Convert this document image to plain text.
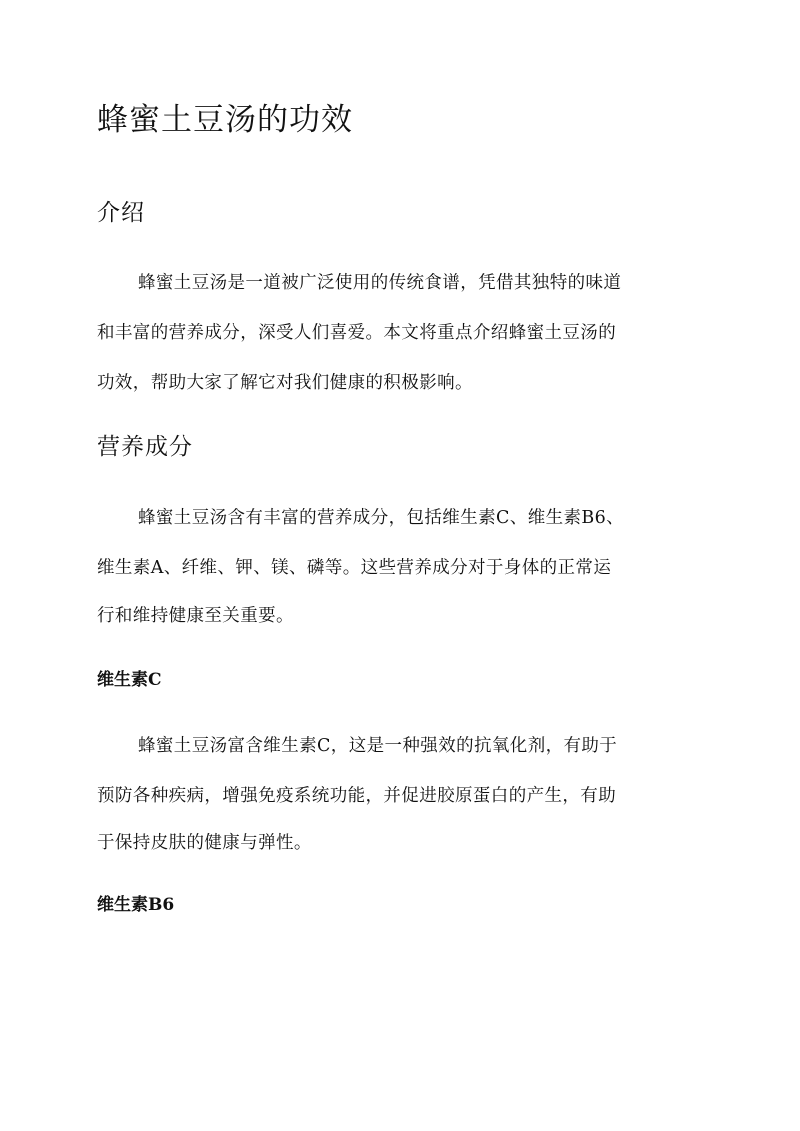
蜂蜜土豆汤的功效
介绍

蜂蜜土豆汤是一道被广泛使用的传统食谱，凭借其独特的味道

和丰富的营养成分，深受人们喜爱。本文将重点介绍蜂蜜土豆汤的

功效，帮助大家了解它对我们健康的积极影响。

营养成分

蜂蜜土豆汤含有丰富的营养成分，包括维生素C、维生素B6、

维生素A、纤维、钾、镁、磷等。这些营养成分对于身体的正常运

行和维持健康至关重要。

维生素C

蜂蜜土豆汤富含维生素C，这是一种强效的抗氧化剂，有助于

预防各种疾病，增强免疫系统功能，并促进胶原蛋白的产生，有助

于保持皮肤的健康与弹性。

维生素B6
